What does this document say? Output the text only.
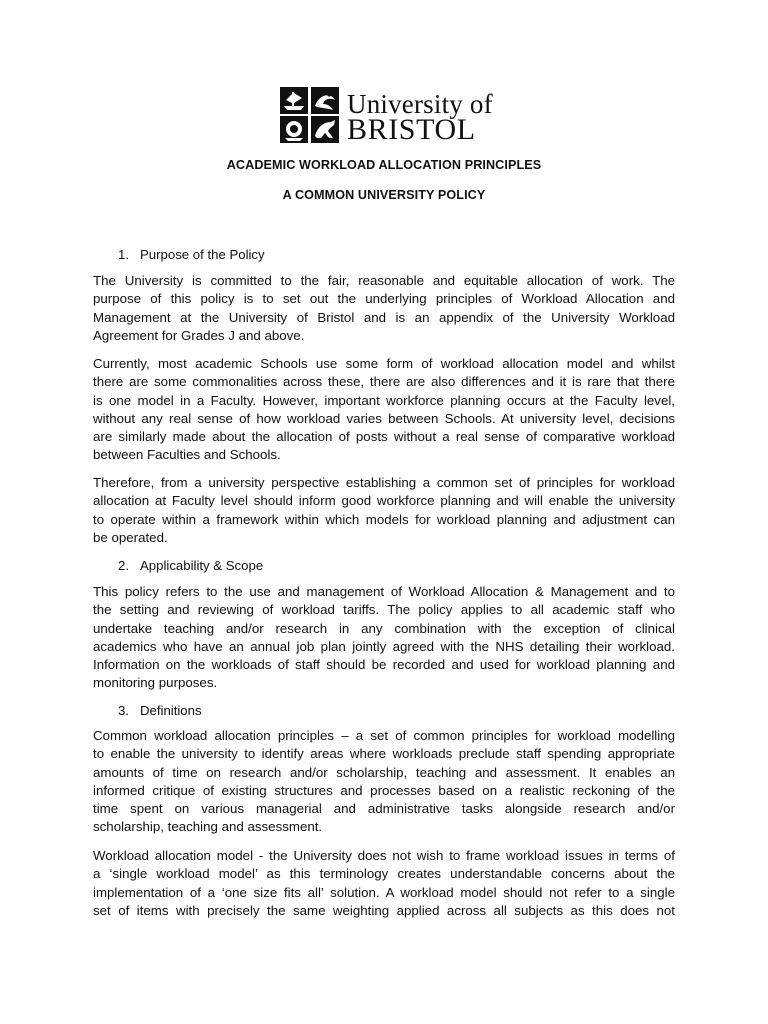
University of
BRISTOL
ACADEMIC WORKLOAD ALLOCATION PRINCIPLES
A COMMON UNIVERSITY POLICY
1. Purpose of the Policy
The University is committed to the fair, reasonable and equitable allocation of work. The
purpose of this policy is to set out the underlying principles of Workload Allocation and
Management at the University of Bristol and is an appendix of the University Workload
Agreement for Grades J and above.
Currently, most academic Schools use some form of workload allocation model and whilst
there are some commonalities across these, there are also differences and it is rare that there
is one model in a Faculty. However, important workforce planning occurs at the Faculty level,
without any real sense of how workload varies between Schools. At university level, decisions
are similarly made about the allocation of posts without a real sense of comparative workload
between Faculties and Schools.
Therefore, from a university perspective establishing a common set of principles for workload
allocation at Faculty level should inform good workforce planning and will enable the university
to operate within a framework within which models for workload planning and adjustment can
be operated.
2. Applicability & Scope
This policy refers to the use and management of Workload Allocation & Management and to
the setting and reviewing of workload tariffs. The policy applies to all academic staff who
undertake teaching and/or research in any combination with the exception of clinical
academics who have an annual job plan jointly agreed with the NHS detailing their workload.
Information on the workloads of staff should be recorded and used for workload planning and
monitoring purposes.
3. Definitions
Common workload allocation principles – a set of common principles for workload modelling
to enable the university to identify areas where workloads preclude staff spending appropriate
amounts of time on research and/or scholarship, teaching and assessment. It enables an
informed critique of existing structures and processes based on a realistic reckoning of the
time spent on various managerial and administrative tasks alongside research and/or
scholarship, teaching and assessment.
Workload allocation model - the University does not wish to frame workload issues in terms of
a ‘single workload model’ as this terminology creates understandable concerns about the
implementation of a ‘one size fits all’ solution. A workload model should not refer to a single
set of items with precisely the same weighting applied across all subjects as this does not
